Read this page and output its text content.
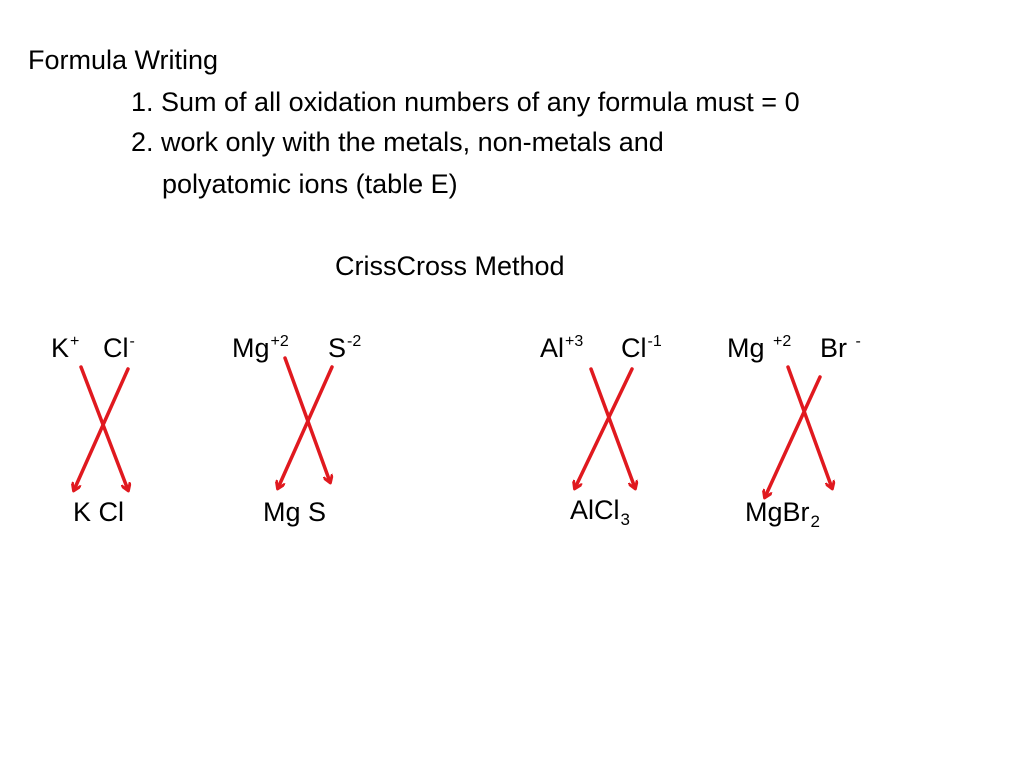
Formula Writing
1. Sum of all oxidation numbers of any formula must = 0
2. work only with the metals, non-metals and
polyatomic ions (table E)
CrissCross Method
K+ Cl-
K Cl
$Mg^{+2}$ $S^{-2}$
Mg S
$Al^{+3}$ $Cl^{-1}$
AlCl$_3$
Mg $^{+2}$ Br -
MgBr$_2$
